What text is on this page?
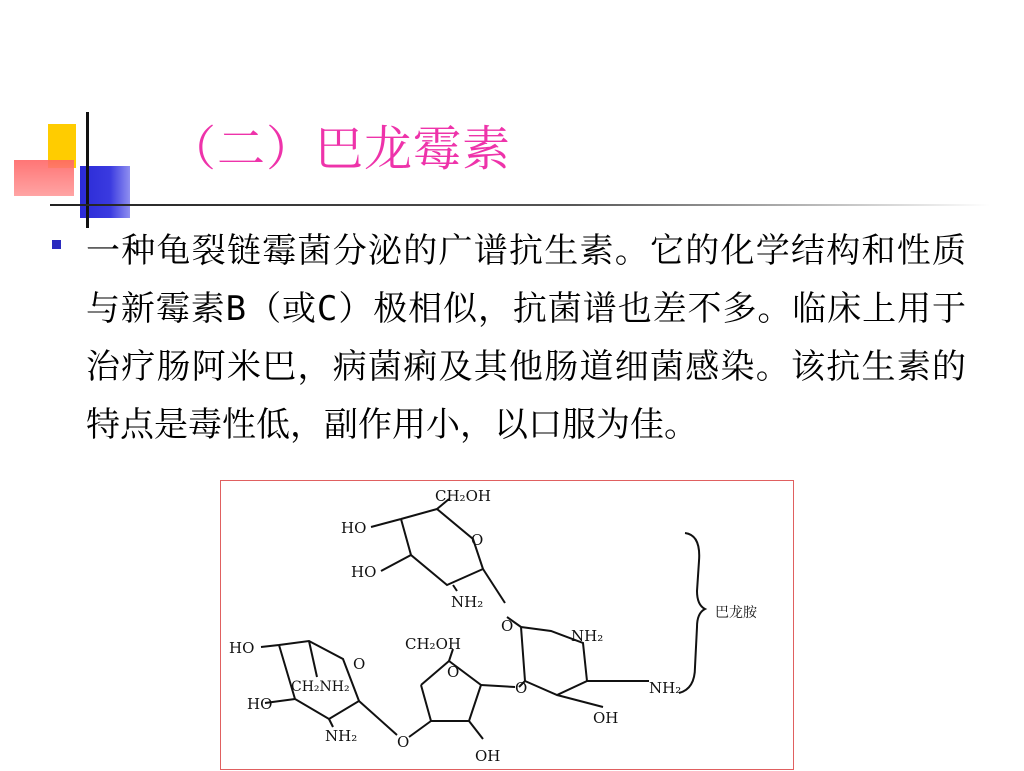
（二）巴龙霉素

一种龟裂链霉菌分泌的广谱抗生素。它的化学结构和性质与新霉素B（或C）极相似，抗菌谱也差不多。临床上用于治疗肠阿米巴，病菌痢及其他肠道细菌感染。该抗生素的特点是毒性低，副作用小，以口服为佳。

CH₂OH
HO
O
HO
NH₂
O
NH₂
巴龙胺
HO
O
CH₂NH₂
HO
NH₂
CH₂OH
O
O
O
OH
NH₂
OH
